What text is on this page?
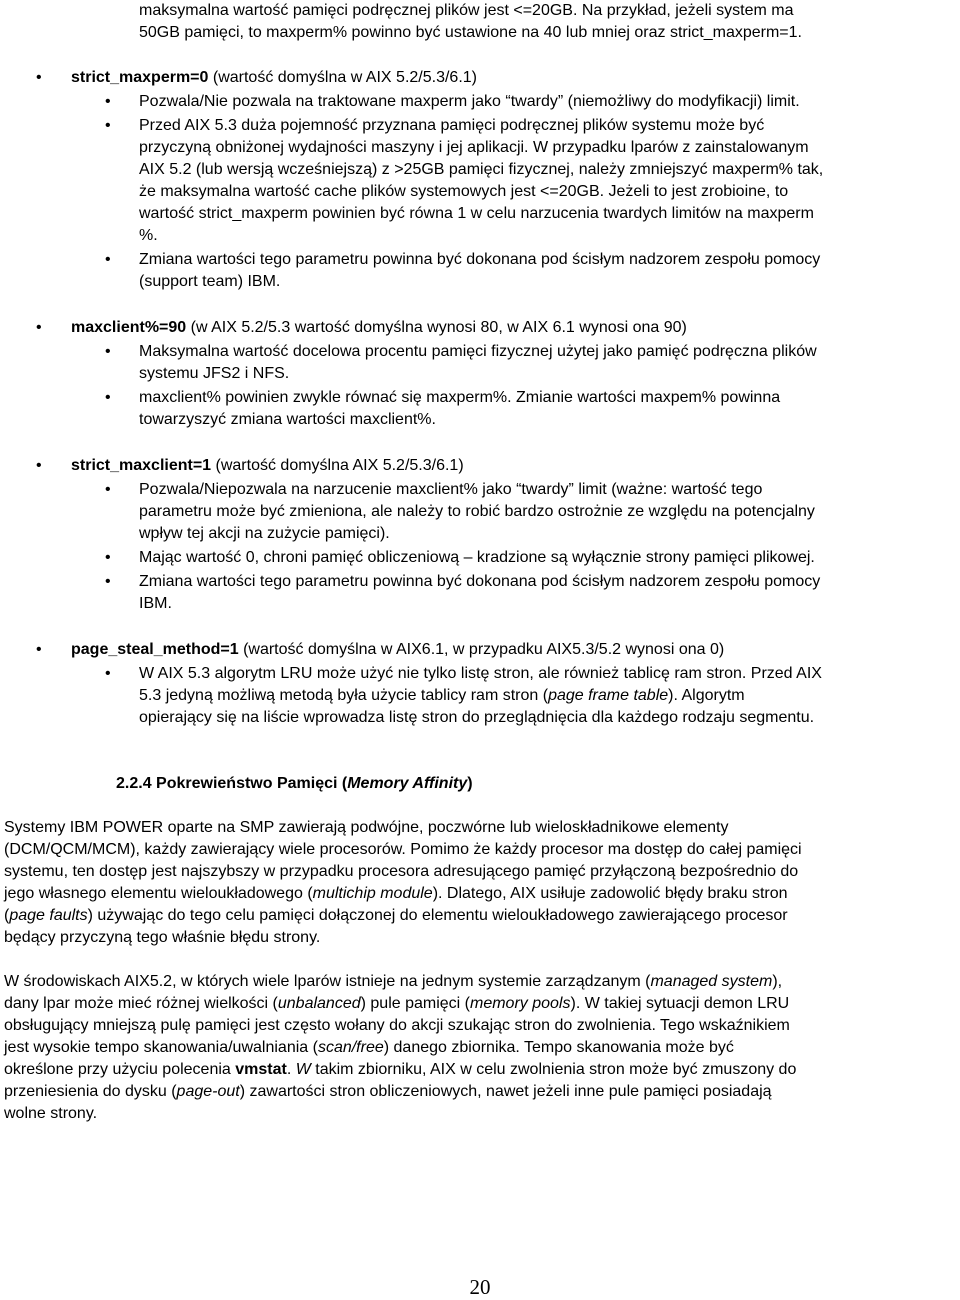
maksymalna wartość pamięci podręcznej plików jest <=20GB. Na przykład, jeżeli system ma
50GB pamięci, to maxperm% powinno być ustawione na 40 lub mniej oraz strict_maxperm=1.
• strict_maxperm=0 (wartość domyślna w AIX 5.2/5.3/6.1)
• Pozwala/Nie pozwala na traktowane maxperm jako “twardy” (niemożliwy do modyfikacji) limit.
• Przed AIX 5.3 duża pojemność przyznana pamięci podręcznej plików systemu może być
przyczyną obniżonej wydajności maszyny i jej aplikacji. W przypadku lparów z zainstalowanym
AIX 5.2 (lub wersją wcześniejszą) z >25GB pamięci fizycznej, należy zmniejszyć maxperm% tak,
że maksymalna wartość cache plików systemowych jest <=20GB. Jeżeli to jest zrobioine, to
wartość strict_maxperm powinien być równa 1 w celu narzucenia twardych limitów na maxperm
%.
• Zmiana wartości tego parametru powinna być dokonana pod ścisłym nadzorem zespołu pomocy
(support team) IBM.
• maxclient%=90 (w AIX 5.2/5.3 wartość domyślna wynosi 80, w AIX 6.1 wynosi ona 90)
• Maksymalna wartość docelowa procentu pamięci fizycznej użytej jako pamięć podręczna plików
systemu JFS2 i NFS.
• maxclient% powinien zwykle równać się maxperm%. Zmianie wartości maxpem% powinna
towarzyszyć zmiana wartości maxclient%.
• strict_maxclient=1 (wartość domyślna AIX 5.2/5.3/6.1)
• Pozwala/Niepozwala na narzucenie maxclient% jako “twardy” limit (ważne: wartość tego
parametru może być zmieniona, ale należy to robić bardzo ostrożnie ze względu na potencjalny
wpływ tej akcji na zużycie pamięci).
• Mając wartość 0, chroni pamięć obliczeniową – kradzione są wyłącznie strony pamięci plikowej.
• Zmiana wartości tego parametru powinna być dokonana pod ścisłym nadzorem zespołu pomocy
IBM.
• page_steal_method=1 (wartość domyślna w AIX6.1, w przypadku AIX5.3/5.2 wynosi ona 0)
• W AIX 5.3 algorytm LRU może użyć nie tylko listę stron, ale również tablicę ram stron. Przed AIX
5.3 jedyną możliwą metodą była użycie tablicy ram stron (page frame table). Algorytm
opierający się na liście wprowadza listę stron do przeglądnięcia dla każdego rodzaju segmentu.
2.2.4 Pokrewieństwo Pamięci (Memory Affinity)
Systemy IBM POWER oparte na SMP zawierają podwójne, poczwórne lub wieloskładnikowe elementy
(DCM/QCM/MCM), każdy zawierający wiele procesorów. Pomimo że każdy procesor ma dostęp do całej pamięci
systemu, ten dostęp jest najszybszy w przypadku procesora adresującego pamięć przyłączoną bezpośrednio do
jego własnego elementu wieloukładowego (multichip module). Dlatego, AIX usiłuje zadowolić błędy braku stron
(page faults) używając do tego celu pamięci dołączonej do elementu wieloukładowego zawierającego procesor
będący przyczyną tego właśnie błędu strony.
W środowiskach AIX5.2, w których wiele lparów istnieje na jednym systemie zarządzanym (managed system),
dany lpar może mieć różnej wielkości (unbalanced) pule pamięci (memory pools). W takiej sytuacji demon LRU
obsługujący mniejszą pulę pamięci jest często wołany do akcji szukając stron do zwolnienia. Tego wskaźnikiem
jest wysokie tempo skanowania/uwalniania (scan/free) danego zbiornika. Tempo skanowania może być
określone przy użyciu polecenia vmstat. W takim zbiorniku, AIX w celu zwolnienia stron może być zmuszony do
przeniesienia do dysku (page-out) zawartości stron obliczeniowych, nawet jeżeli inne pule pamięci posiadają
wolne strony.
20
